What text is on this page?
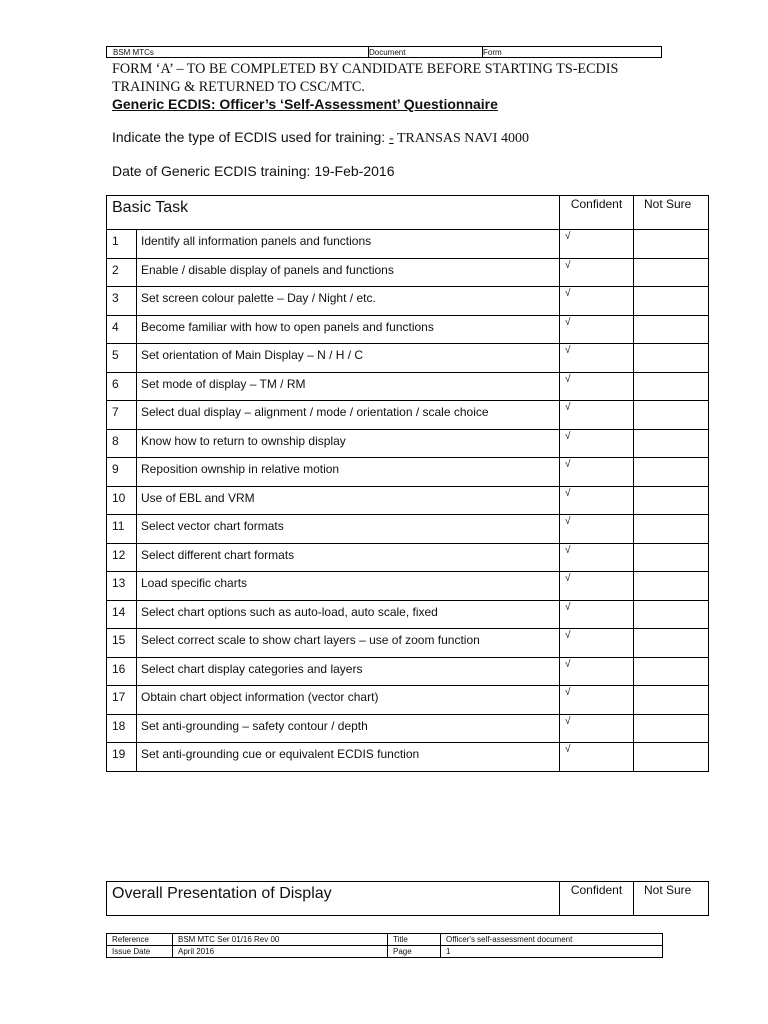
BSM MTCs	Document	Form
FORM ‘A’ – TO BE COMPLETED BY CANDIDATE BEFORE STARTING TS-ECDIS TRAINING & RETURNED TO CSC/MTC.
Generic ECDIS: Officer’s ‘Self-Assessment’ Questionnaire
Indicate the type of ECDIS used for training: - TRANSAS NAVI 4000
Date of Generic ECDIS training: 19-Feb-2016
Basic Task		Confident	Not Sure
1	Identify all information panels and functions	√	
2	Enable / disable display of panels and functions	√	
3	Set screen colour palette – Day / Night / etc.	√	
4	Become familiar with how to open panels and functions	√	
5	Set orientation of Main Display – N / H / C	√	
6	Set mode of display – TM / RM	√	
7	Select dual display – alignment / mode / orientation / scale choice	√	
8	Know how to return to ownship display	√	
9	Reposition ownship in relative motion	√	
10	Use of EBL and VRM	√	
11	Select vector chart formats	√	
12	Select different chart formats	√	
13	Load specific charts	√	
14	Select chart options such as auto-load, auto scale, fixed	√	
15	Select correct scale to show chart layers – use of zoom function	√	
16	Select chart display categories and layers	√	
17	Obtain chart object information (vector chart)	√	
18	Set anti-grounding – safety contour / depth	√	
19	Set anti-grounding cue or equivalent ECDIS function	√	
Overall Presentation of Display	Confident	Not Sure
Reference	BSM MTC Ser 01/16 Rev 00	Title	Officer's self-assessment document
Issue Date	April 2016	Page	1
